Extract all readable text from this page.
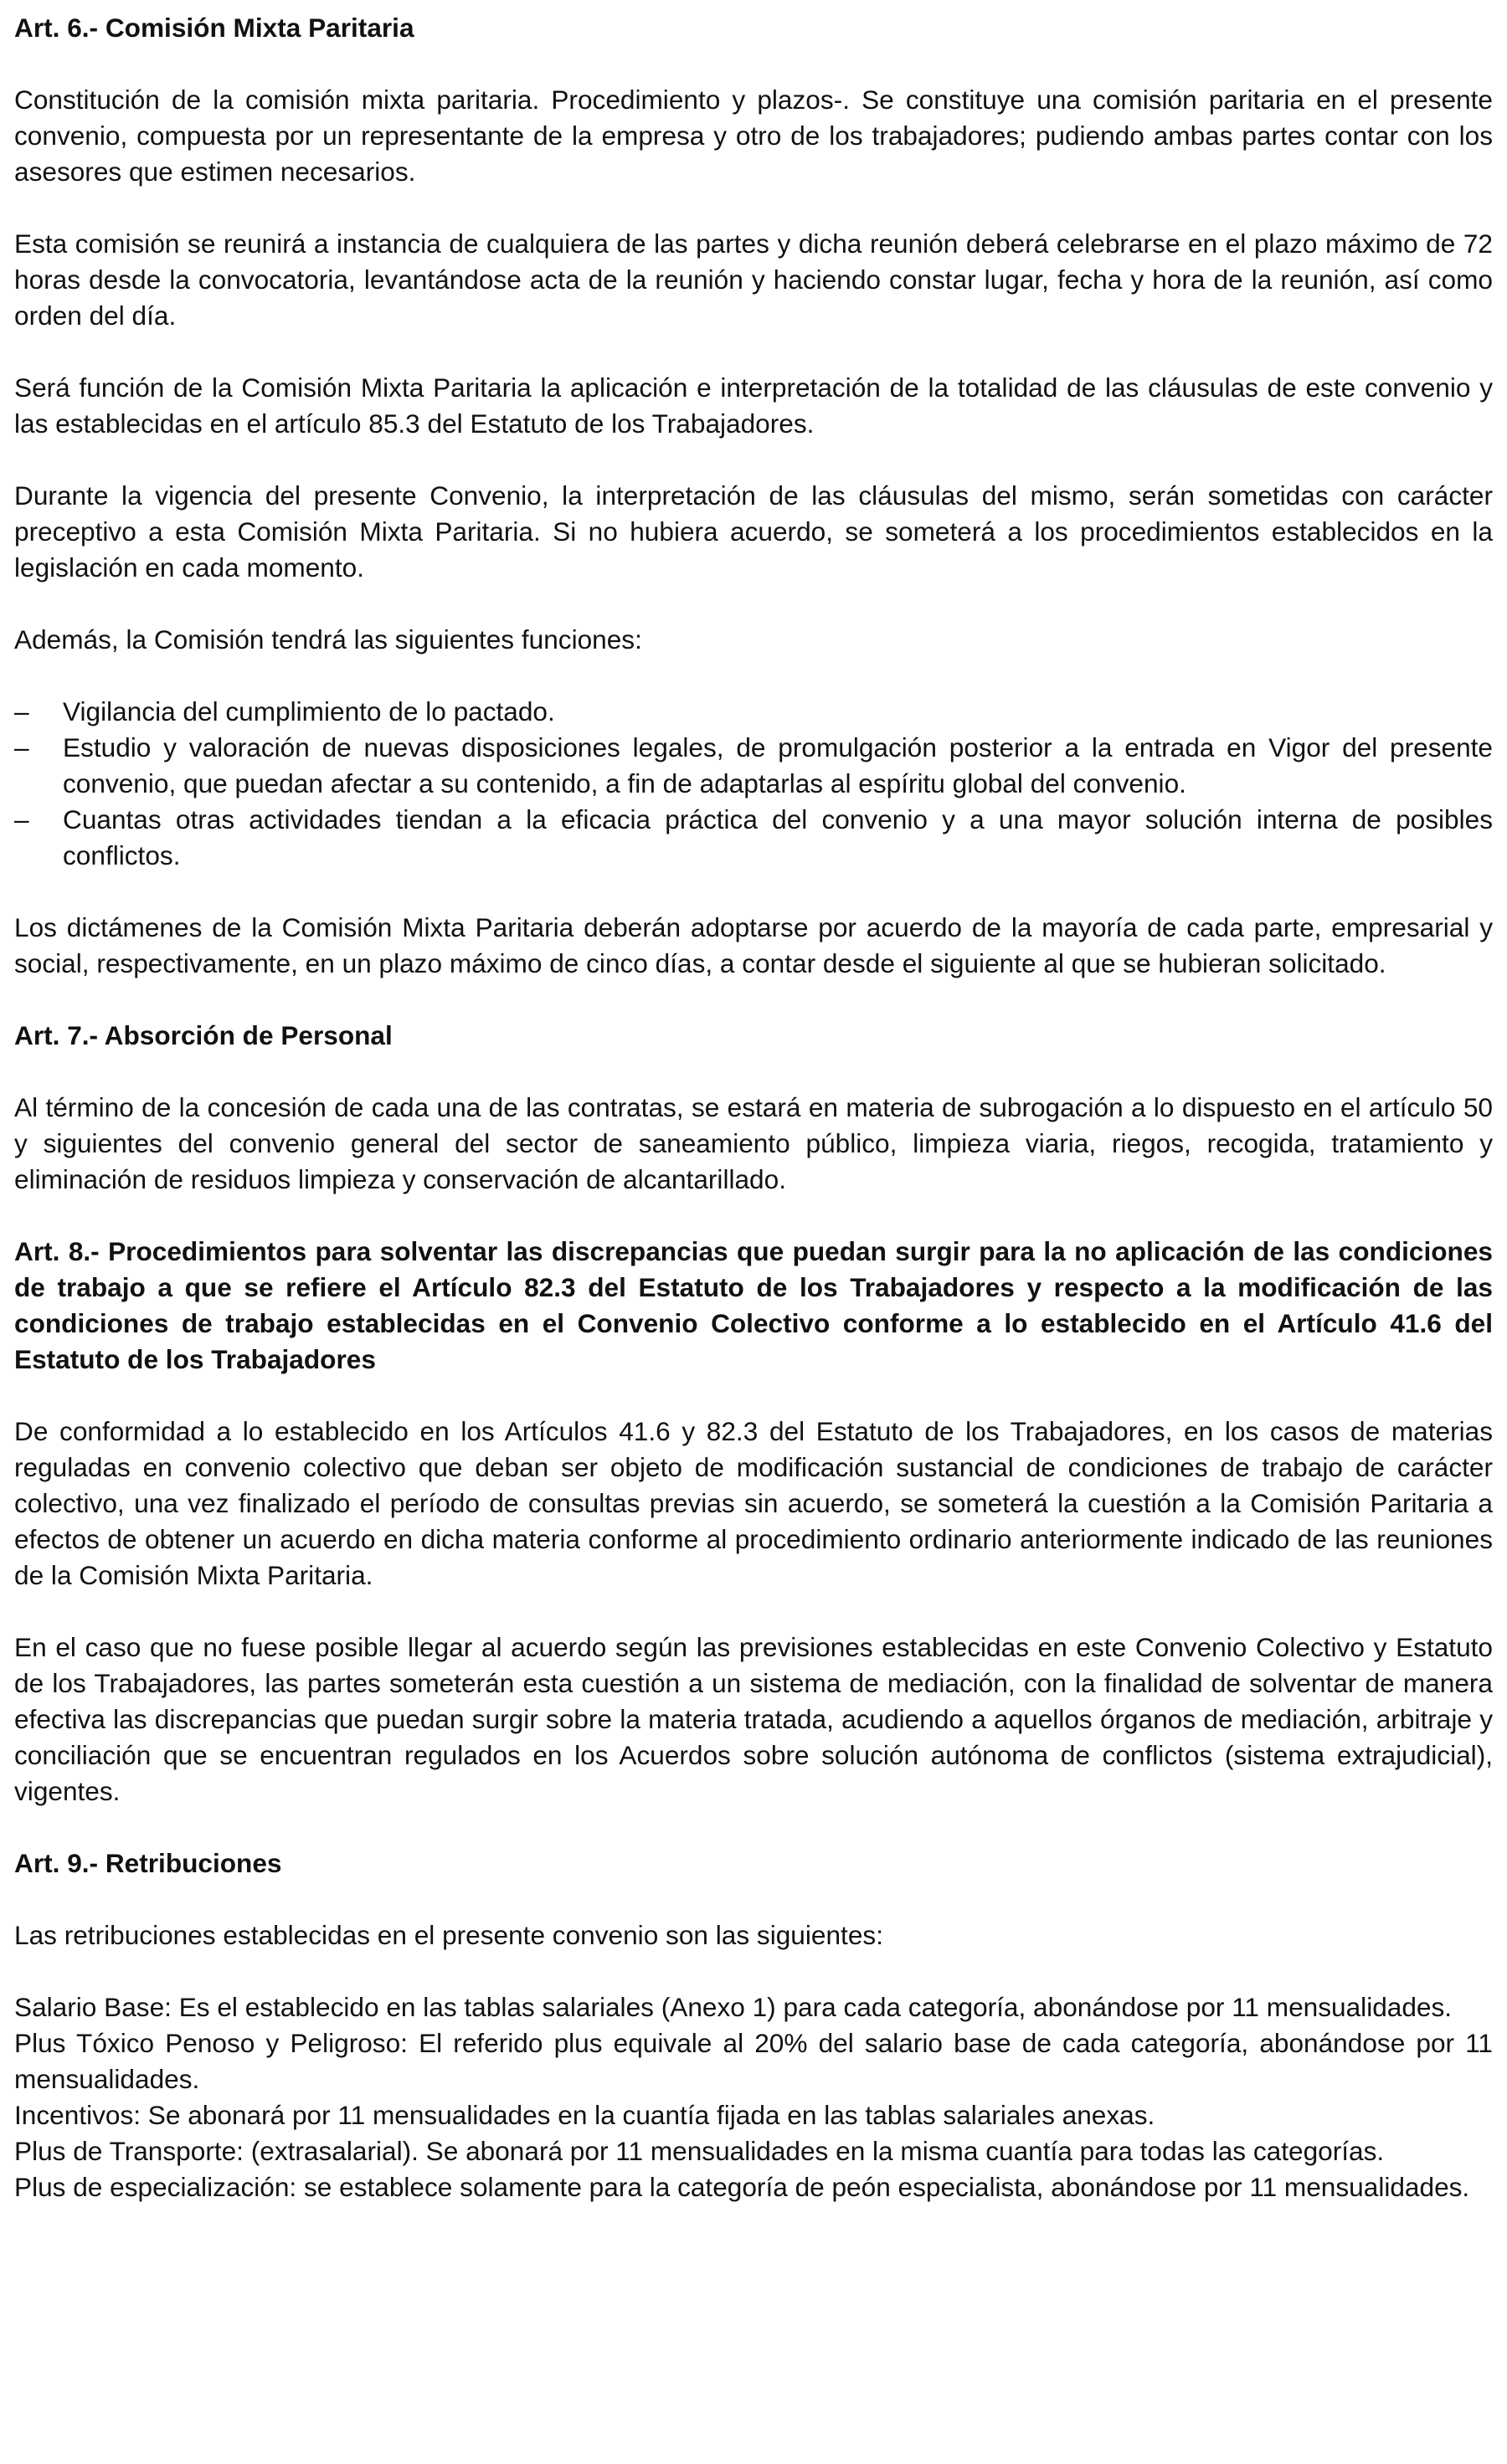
Art. 6.- Comisión Mixta Paritaria

Constitución de la comisión mixta paritaria. Procedimiento y plazos-. Se constituye una comisión paritaria en el presente convenio, compuesta por un representante de la empresa y otro de los trabajadores; pudiendo ambas partes contar con los asesores que estimen necesarios.

Esta comisión se reunirá a instancia de cualquiera de las partes y dicha reunión deberá celebrarse en el plazo máximo de 72 horas desde la convocatoria, levantándose acta de la reunión y haciendo constar lugar, fecha y hora de la reunión, así como orden del día.

Será función de la Comisión Mixta Paritaria la aplicación e interpretación de la totalidad de las cláusulas de este convenio y las establecidas en el artículo 85.3 del Estatuto de los Trabajadores.

Durante la vigencia del presente Convenio, la interpretación de las cláusulas del mismo, serán sometidas con carácter preceptivo a esta Comisión Mixta Paritaria. Si no hubiera acuerdo, se someterá a los procedimientos establecidos en la legislación en cada momento.

Además, la Comisión tendrá las siguientes funciones:

– Vigilancia del cumplimiento de lo pactado.
– Estudio y valoración de nuevas disposiciones legales, de promulgación posterior a la entrada en Vigor del presente convenio, que puedan afectar a su contenido, a fin de adaptarlas al espíritu global del convenio.
– Cuantas otras actividades tiendan a la eficacia práctica del convenio y a una mayor solución interna de posibles conflictos.

Los dictámenes de la Comisión Mixta Paritaria deberán adoptarse por acuerdo de la mayoría de cada parte, empresarial y social, respectivamente, en un plazo máximo de cinco días, a contar desde el siguiente al que se hubieran solicitado.

Art. 7.- Absorción de Personal

Al término de la concesión de cada una de las contratas, se estará en materia de subrogación a lo dispuesto en el artículo 50 y siguientes del convenio general del sector de saneamiento público, limpieza viaria, riegos, recogida, tratamiento y eliminación de residuos limpieza y conservación de alcantarillado.

Art. 8.- Procedimientos para solventar las discrepancias que puedan surgir para la no aplicación de las condiciones de trabajo a que se refiere el Artículo 82.3 del Estatuto de los Trabajadores y respecto a la modificación de las condiciones de trabajo establecidas en el Convenio Colectivo conforme a lo establecido en el Artículo 41.6 del Estatuto de los Trabajadores

De conformidad a lo establecido en los Artículos 41.6 y 82.3 del Estatuto de los Trabajadores, en los casos de materias reguladas en convenio colectivo que deban ser objeto de modificación sustancial de condiciones de trabajo de carácter colectivo, una vez finalizado el período de consultas previas sin acuerdo, se someterá la cuestión a la Comisión Paritaria a efectos de obtener un acuerdo en dicha materia conforme al procedimiento ordinario anteriormente indicado de las reuniones de la Comisión Mixta Paritaria.

En el caso que no fuese posible llegar al acuerdo según las previsiones establecidas en este Convenio Colectivo y Estatuto de los Trabajadores, las partes someterán esta cuestión a un sistema de mediación, con la finalidad de solventar de manera efectiva las discrepancias que puedan surgir sobre la materia tratada, acudiendo a aquellos órganos de mediación, arbitraje y conciliación que se encuentran regulados en los Acuerdos sobre solución autónoma de conflictos (sistema extrajudicial), vigentes.

Art. 9.- Retribuciones

Las retribuciones establecidas en el presente convenio son las siguientes:

Salario Base: Es el establecido en las tablas salariales (Anexo 1) para cada categoría, abonándose por 11 mensualidades.

Plus Tóxico Penoso y Peligroso: El referido plus equivale al 20% del salario base de cada categoría, abonándose por 11 mensualidades.

Incentivos: Se abonará por 11 mensualidades en la cuantía fijada en las tablas salariales anexas.

Plus de Transporte: (extrasalarial). Se abonará por 11 mensualidades en la misma cuantía para todas las categorías.

Plus de especialización: se establece solamente para la categoría de peón especialista, abonándose por 11 mensualidades.
